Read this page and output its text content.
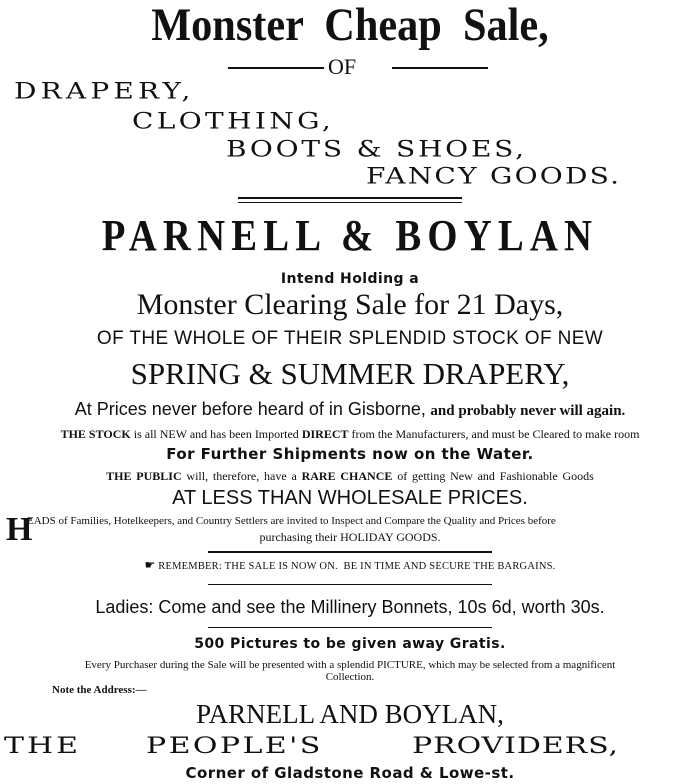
Monster Cheap Sale,
OF
DRAPERY,
CLOTHING,
BOOTS & SHOES,
FANCY GOODS.
PARNELL & BOYLAN
Intend Holding a
Monster Clearing Sale for 21 Days,
OF THE WHOLE OF THEIR SPLENDID STOCK OF NEW
SPRING & SUMMER DRAPERY,
At Prices never before heard of in Gisborne, and probably never will again.
THE STOCK is all NEW and has been Imported DIRECT from the Manufacturers, and must be Cleared to make room
For Further Shipments now on the Water.
THE PUBLIC will, therefore, have a RARE CHANCE of getting New and Fashionable Goods
AT LESS THAN WHOLESALE PRICES.
H
EADS of Families, Hotelkeepers, and Country Settlers are invited to Inspect and Compare the Quality and Prices before
purchasing their HOLIDAY GOODS.
☛ REMEMBER: THE SALE IS NOW ON.  BE IN TIME AND SECURE THE BARGAINS.
Ladies: Come and see the Millinery Bonnets, 10s 6d, worth 30s.
500 Pictures to be given away Gratis.
Every Purchaser during the Sale will be presented with a splendid PICTURE, which may be selected from a magnificent
Collection.
Note the Address:—
PARNELL AND BOYLAN,
THE PEOPLE'S	PROVIDERS,
Corner of Gladstone Road & Lowe-st.
